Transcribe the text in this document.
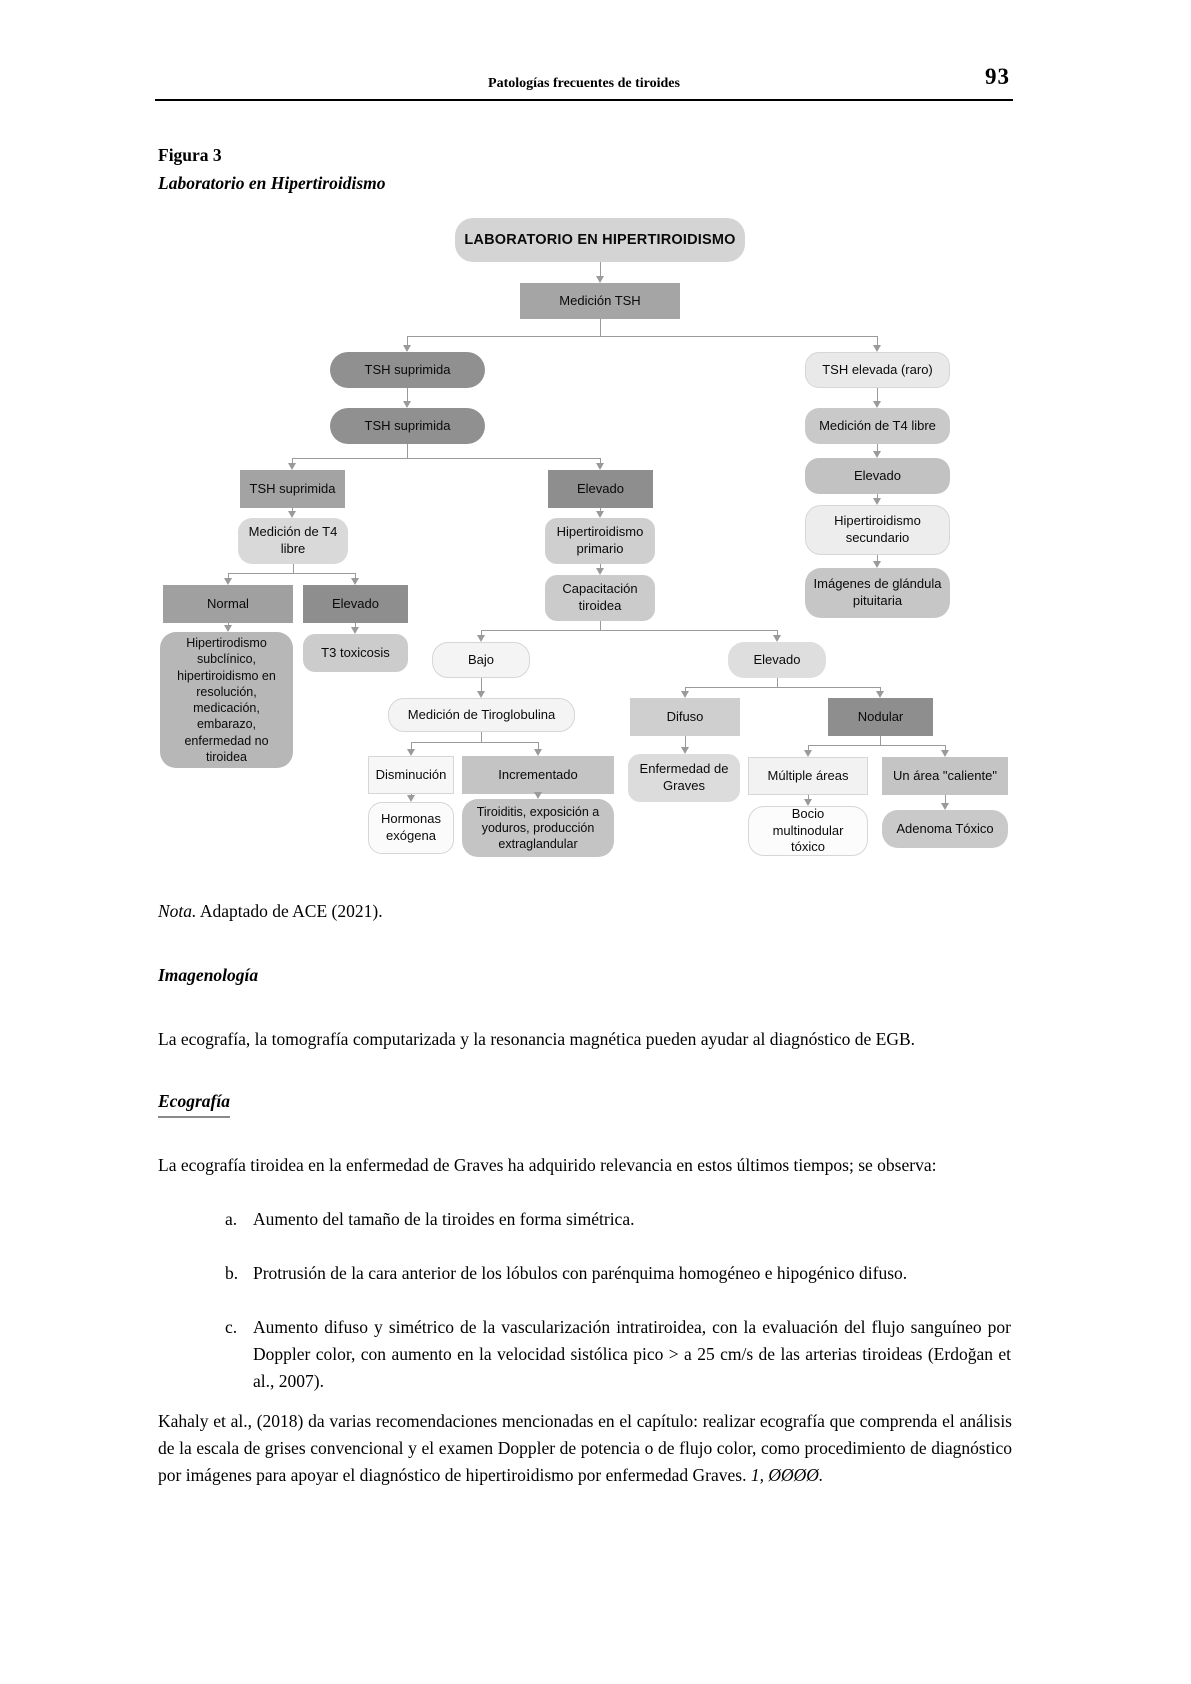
Patologías frecuentes de tiroides	93
Figura 3
Laboratorio en Hipertiroidismo
LABORATORIO EN HIPERTIROIDISMO
Medición TSH
TSH suprimida	TSH elevada (raro)
TSH suprimida	Medición de T4 libre
TSH suprimida	Elevado
Elevado
Medición de T4 libre
Hipertiroidismo primario
Hipertiroidismo secundario
Capacitación tiroidea
Imágenes de glándula pituitaria
Normal	Elevado
Hipertirodismo subclínico, hipertiroidismo en resolución, medicación, embarazo, enfermedad no tiroidea
T3 toxicosis	Bajo	Elevado
Medición de Tiroglobulina	Difuso	Nodular
Disminución	Incrementado	Enfermedad de Graves
Múltiple áreas	Un área "caliente"
Hormonas exógena
Tiroiditis, exposición a yoduros, producción extraglandular
Bocio multinodular tóxico
Adenoma Tóxico

Nota. Adaptado de ACE (2021).

Imagenología

La ecografía, la tomografía computarizada y la resonancia magnética pueden ayudar al diagnóstico de EGB.

Ecografía

La ecografía tiroidea en la enfermedad de Graves ha adquirido relevancia en estos últimos tiempos; se observa:

a. Aumento del tamaño de la tiroides en forma simétrica.
b. Protrusión de la cara anterior de los lóbulos con parénquima homogéneo e hipogénico difuso.
c. Aumento difuso y simétrico de la vascularización intratiroidea, con la evaluación del flujo sanguíneo por Doppler color, con aumento en la velocidad sistólica pico > a 25 cm/s de las arterias tiroideas (Erdoğan et al., 2007).

Kahaly et al., (2018) da varias recomendaciones mencionadas en el capítulo: realizar ecografía que comprenda el análisis de la escala de grises convencional y el examen Doppler de potencia o de flujo color, como procedimiento de diagnóstico por imágenes para apoyar el diagnóstico de hipertiroidismo por enfermedad Graves. 1, ØØØØ.
